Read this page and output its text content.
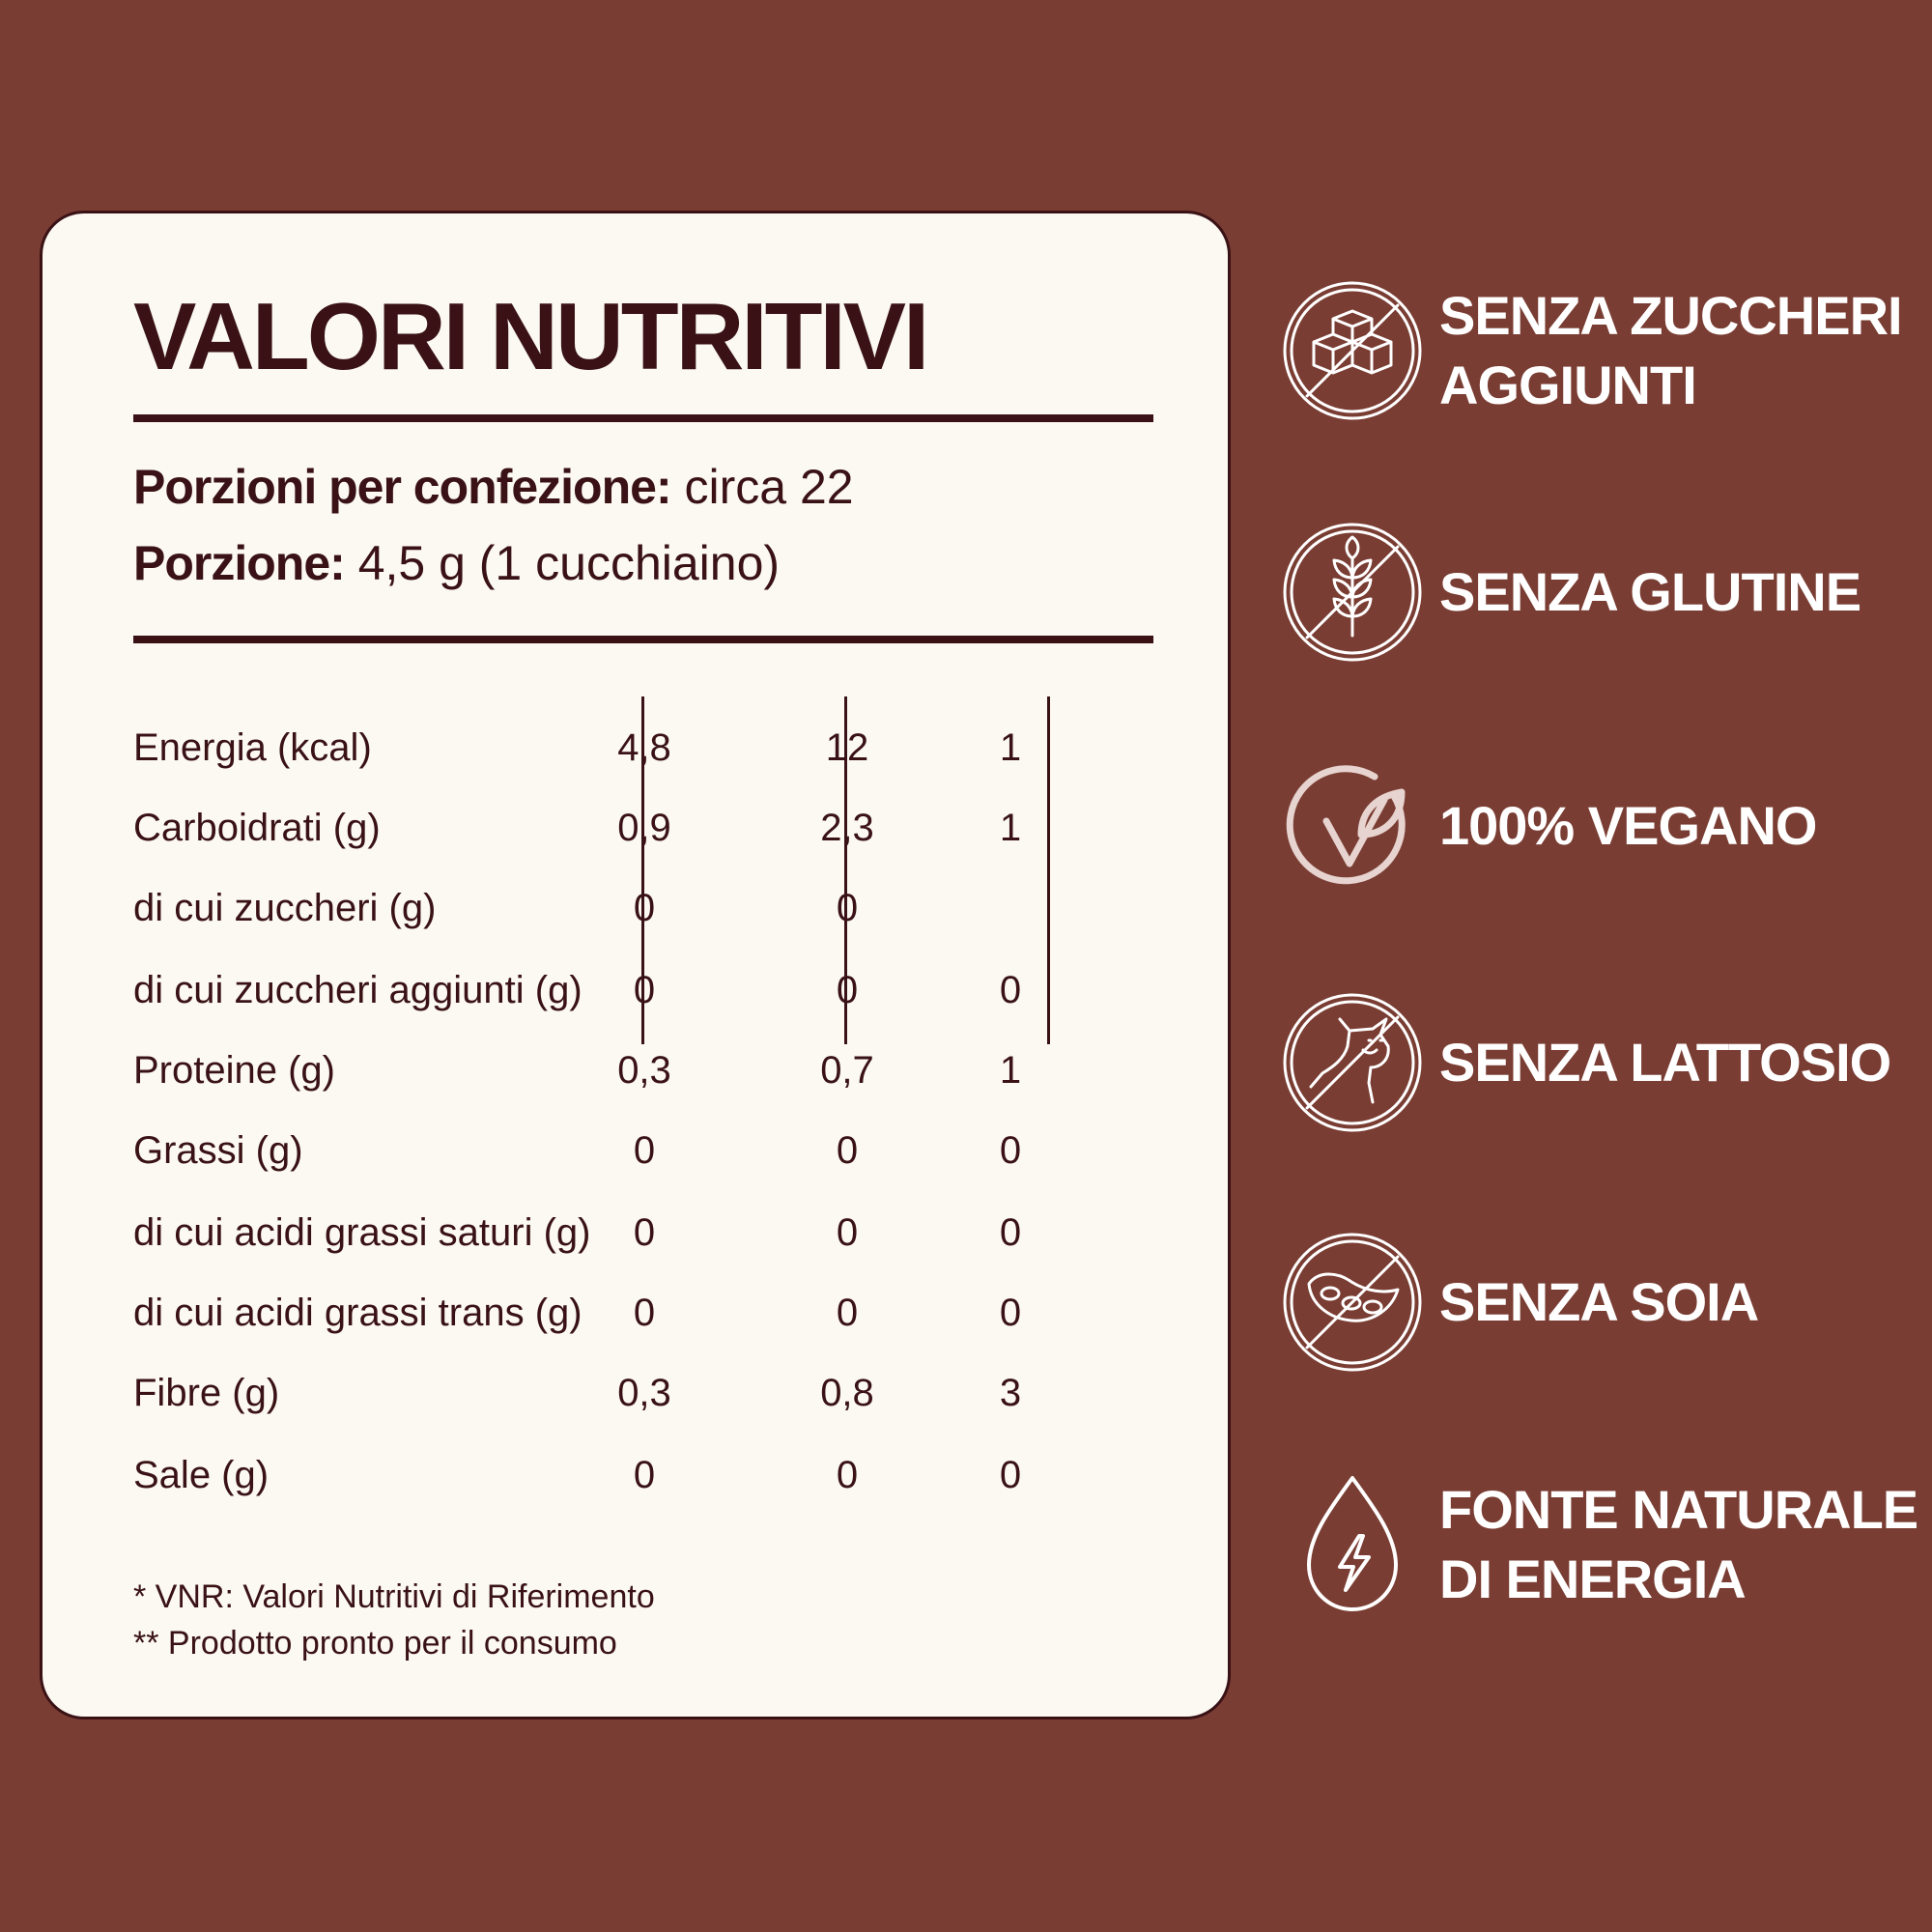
VALORI NUTRITIVI
Porzioni per confezione: circa 22
Porzione: 4,5 g (1 cucchiaino)
Energia (kcal)	4,8	12	1
Carboidrati (g)	0,9	2,3	1
di cui zuccheri (g)	0	0
di cui zuccheri aggiunti (g)	0	0	0
Proteine (g)	0,3	0,7	1
Grassi (g)	0	0	0
di cui acidi grassi saturi (g)	0	0	0
di cui acidi grassi trans (g)	0	0	0
Fibre (g)	0,3	0,8	3
Sale (g)	0	0	0
* VNR: Valori Nutritivi di Riferimento
** Prodotto pronto per il consumo
SENZA ZUCCHERI
AGGIUNTI
SENZA GLUTINE
100% VEGANO
SENZA LATTOSIO
SENZA SOIA
FONTE NATURALE
DI ENERGIA
